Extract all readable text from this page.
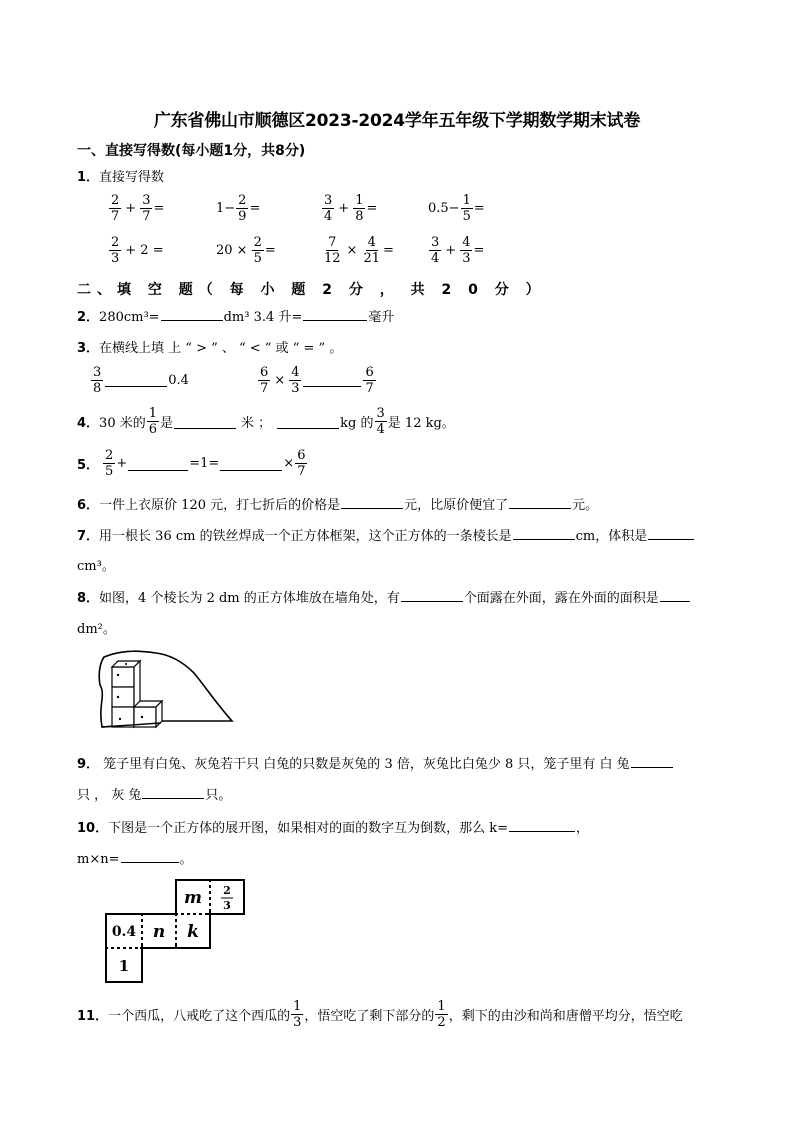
广东省佛山市顺德区2023-2024学年五年级下学期数学期末试卷
一、直接写得数(每小题1分，共8分)
1．直接写得数
$\frac{2}{7} + \frac{3}{7}$ =	$1- \frac{2}{9}$ =	$\frac{3}{4} + \frac{1}{8}$ =	$0.5- \frac{1}{5}$ =
$\frac{2}{3} + 2$ =	$20 \times \frac{2}{5}$ =	$\frac{7}{12} \times \frac{4}{21}$ =	$\frac{3}{4} + \frac{4}{3}$ =
二、填 空 题（ 每 小 题 2 分 ， 共 2 0 分 ）
2．280cm³=	dm³ 3.4 升=	毫升
3．在横线上填 上 “ > ” 、 “ < ” 或 “ = ” 。
$\frac{3}{8}$	0.4	$\frac{6}{7} \times \frac{4}{3}$	$\frac{6}{7}$
4． 30 米的 $\frac{1}{6}$ 是	米 ；	kg 的 $\frac{3}{4}$ 是 12 kg。
5． $\frac{2}{5}$ +	=1=	× $\frac{6}{7}$
6．一件上衣原价 120 元，打七折后的价格是	元，比原价便宜了	元。
7．用一根长 36 cm 的铁丝焊成一个正方体框架，这个正方体的一条棱长是	cm，体积是
cm³。
8．如图，4 个棱长为 2 dm 的正方体堆放在墙角处，有	个面露在外面，露在外面的面积是
dm²。
9． 笼子里有白兔、灰兔若干只 白兔的只数是灰兔的 3 倍，灰兔比白兔少 8 只，笼子里有 白 兔
只 ， 灰 兔	只。
10．下图是一个正方体的展开图，如果相对的面的数字互为倒数，那么 k=	，
m×n=	。
m 2
3
0.4 n k
1
11． 一个西瓜，八戒吃了这个西瓜的 $\frac{1}{3}$ ，悟空吃了剩下部分的 $\frac{1}{2}$ ，剩下的由沙和尚和唐僧平均分，悟空吃
